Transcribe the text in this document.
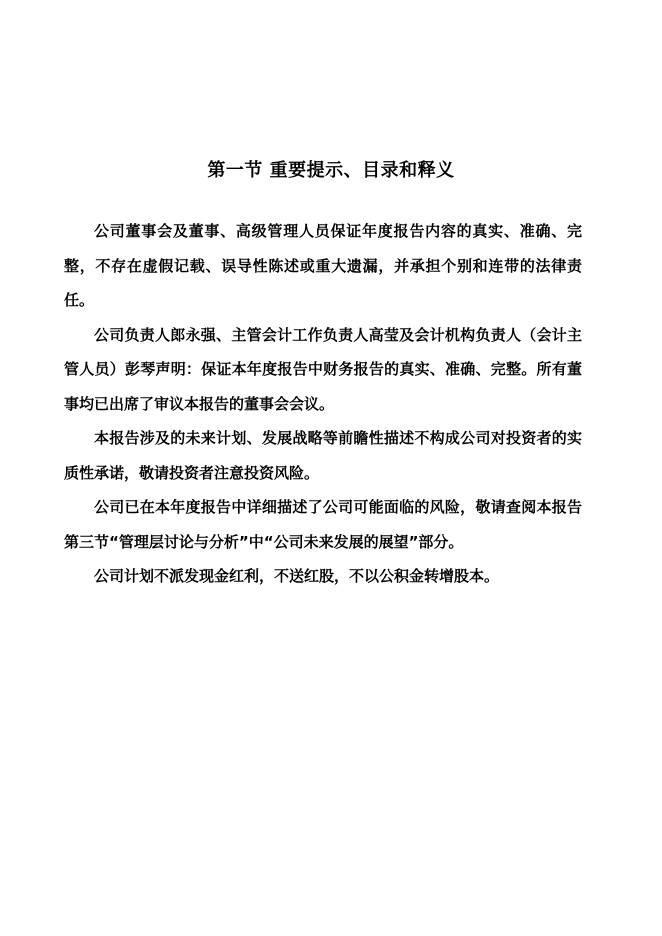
第一节 重要提示、目录和释义

公司董事会及董事、高级管理人员保证年度报告内容的真实、准确、完整，不存在虚假记载、误导性陈述或重大遗漏，并承担个别和连带的法律责任。

公司负责人郎永强、主管会计工作负责人高莹及会计机构负责人（会计主管人员）彭琴声明：保证本年度报告中财务报告的真实、准确、完整。所有董事均已出席了审议本报告的董事会会议。

本报告涉及的未来计划、发展战略等前瞻性描述不构成公司对投资者的实质性承诺，敬请投资者注意投资风险。

公司已在本年度报告中详细描述了公司可能面临的风险，敬请查阅本报告第三节“管理层讨论与分析”中“公司未来发展的展望”部分。

公司计划不派发现金红利，不送红股，不以公积金转增股本。
